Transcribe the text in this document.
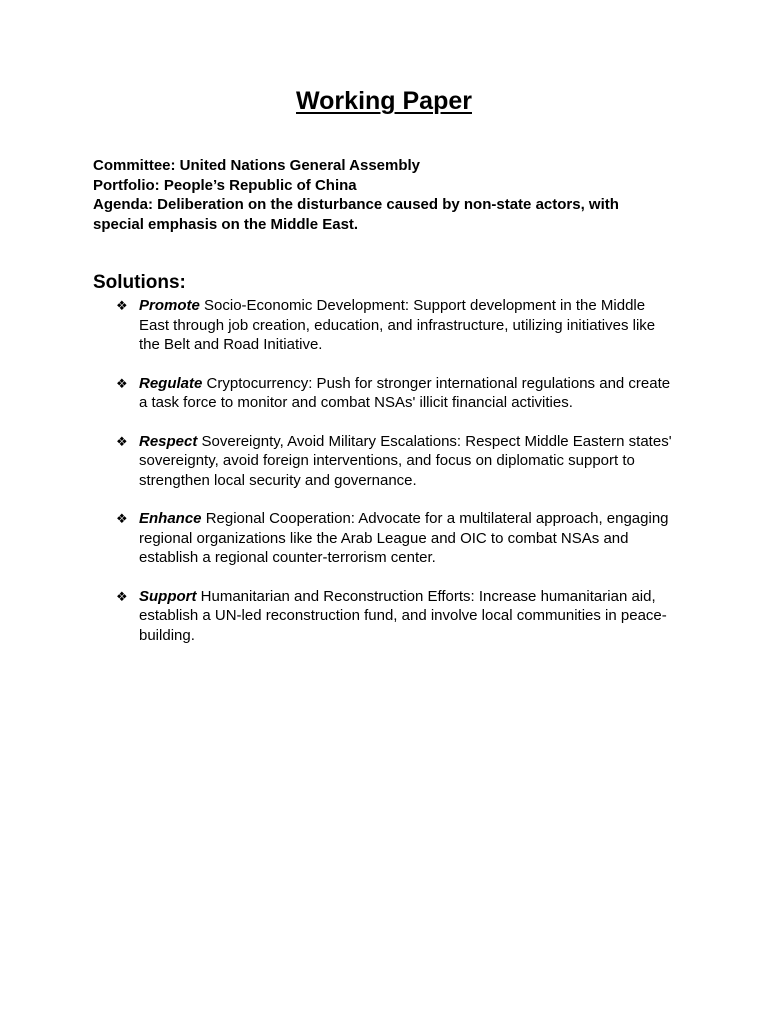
Working Paper
Committee: United Nations General Assembly
Portfolio: People’s Republic of China
Agenda: Deliberation on the disturbance caused by non-state actors, with special emphasis on the Middle East.
Solutions:
❖ Promote Socio-Economic Development: Support development in the Middle East through job creation, education, and infrastructure, utilizing initiatives like the Belt and Road Initiative.
❖ Regulate Cryptocurrency: Push for stronger international regulations and create a task force to monitor and combat NSAs' illicit financial activities.
❖ Respect Sovereignty, Avoid Military Escalations: Respect Middle Eastern states' sovereignty, avoid foreign interventions, and focus on diplomatic support to strengthen local security and governance.
❖ Enhance Regional Cooperation: Advocate for a multilateral approach, engaging regional organizations like the Arab League and OIC to combat NSAs and establish a regional counter-terrorism center.
❖ Support Humanitarian and Reconstruction Efforts: Increase humanitarian aid, establish a UN-led reconstruction fund, and involve local communities in peace-building.
